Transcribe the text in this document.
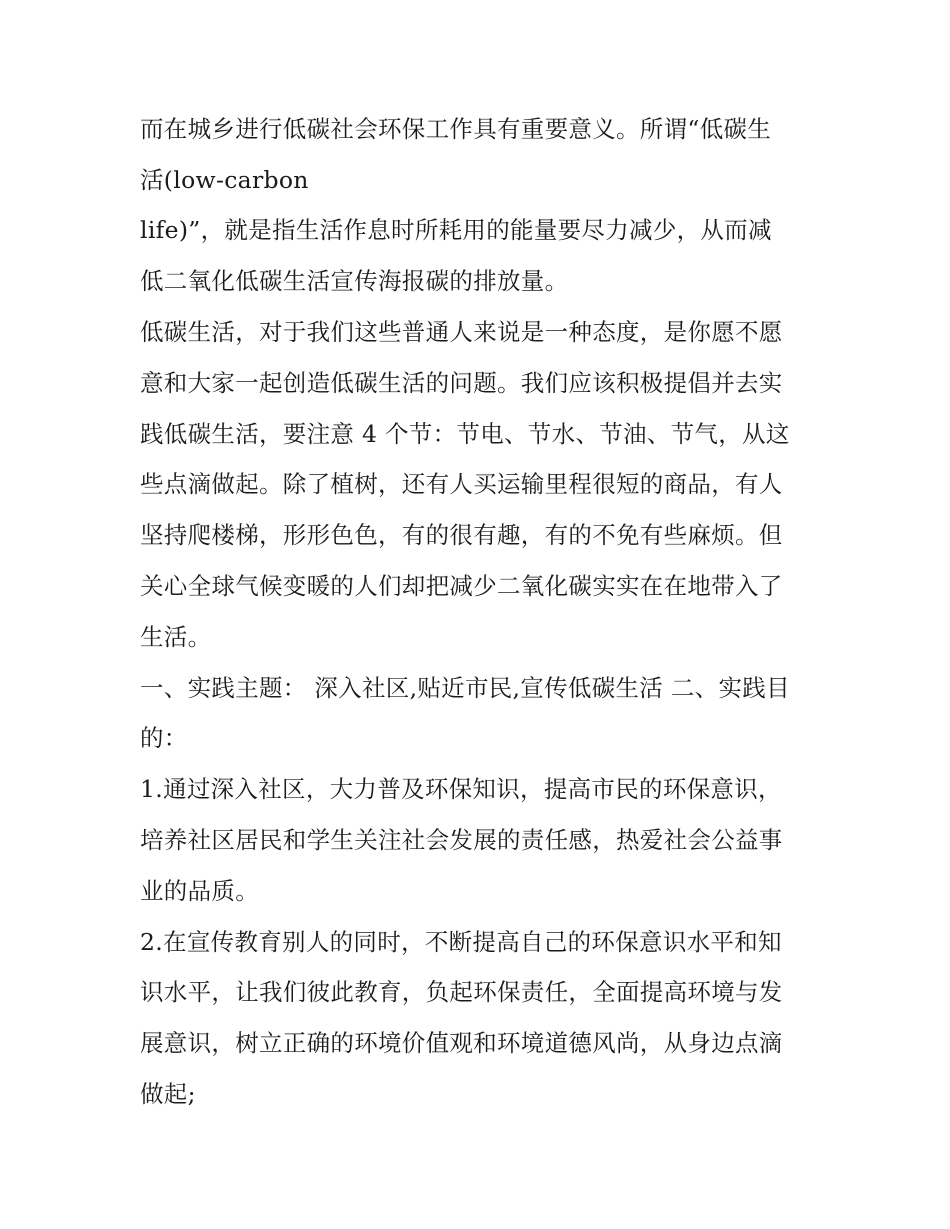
而在城乡进行低碳社会环保工作具有重要意义。所谓“低碳生
活(low-carbon
life)”，就是指生活作息时所耗用的能量要尽力减少，从而减
低二氧化低碳生活宣传海报碳的排放量。
低碳生活，对于我们这些普通人来说是一种态度，是你愿不愿
意和大家一起创造低碳生活的问题。我们应该积极提倡并去实
践低碳生活，要注意 4 个节：节电、节水、节油、节气，从这
些点滴做起。除了植树，还有人买运输里程很短的商品，有人
坚持爬楼梯，形形色色，有的很有趣，有的不免有些麻烦。但
关心全球气候变暖的人们却把减少二氧化碳实实在在地带入了
生活。
一、实践主题： 深入社区,贴近市民,宣传低碳生活 二、实践目
的：
1.通过深入社区，大力普及环保知识，提高市民的环保意识，
培养社区居民和学生关注社会发展的责任感，热爱社会公益事
业的品质。
2.在宣传教育别人的同时，不断提高自己的环保意识水平和知
识水平，让我们彼此教育，负起环保责任，全面提高环境与发
展意识，树立正确的环境价值观和环境道德风尚，从身边点滴
做起;
